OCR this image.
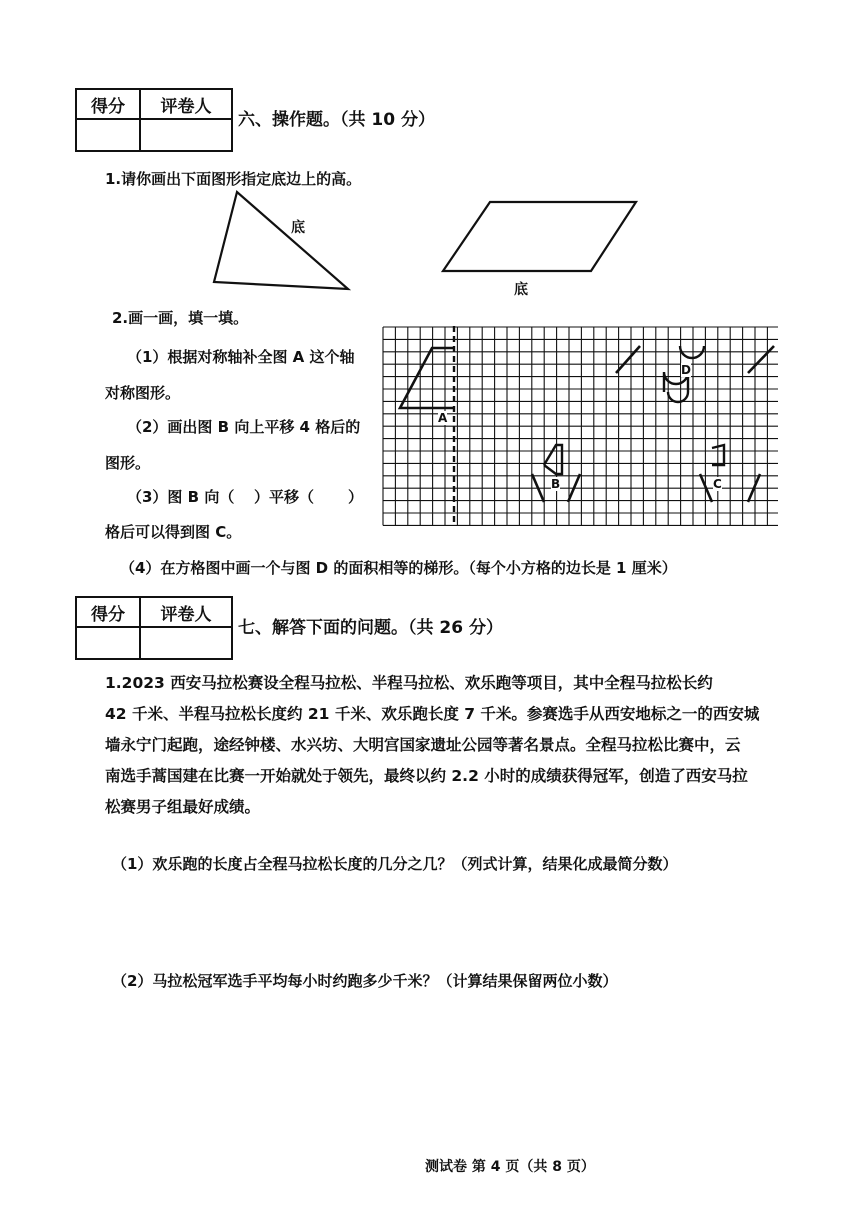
得分	评卷人

六、操作题。（共 10 分）
1.请你画出下面图形指定底边上的高。
底
底
2.画一画，填一填。
（1）根据对称轴补全图 A 这个轴
对称图形。
（2）画出图 B 向上平移 4 格后的
图形。
（3）图 B 向（ ）平移（ ）
格后可以得到图 C。
A
B	C
D
（4）在方格图中画一个与图 D 的面积相等的梯形。（每个小方格的边长是 1 厘米）
得分	评卷人

七、解答下面的问题。（共 26 分）

1.2023 西安马拉松赛设全程马拉松、半程马拉松、欢乐跑等项目，其中全程马拉松长约

42 千米、半程马拉松长度约 21 千米、欢乐跑长度 7 千米。参赛选手从西安地标之一的西安城

墙永宁门起跑，途经钟楼、水兴坊、大明宫国家遗址公园等著名景点。全程马拉松比赛中，云

南选手蒿国建在比赛一开始就处于领先，最终以约 2.2 小时的成绩获得冠军，创造了西安马拉

松赛男子组最好成绩。

（1）欢乐跑的长度占全程马拉松长度的几分之几？（列式计算，结果化成最简分数）
（2）马拉松冠军选手平均每小时约跑多少千米？（计算结果保留两位小数）
测试卷 第 4 页（共 8 页）
